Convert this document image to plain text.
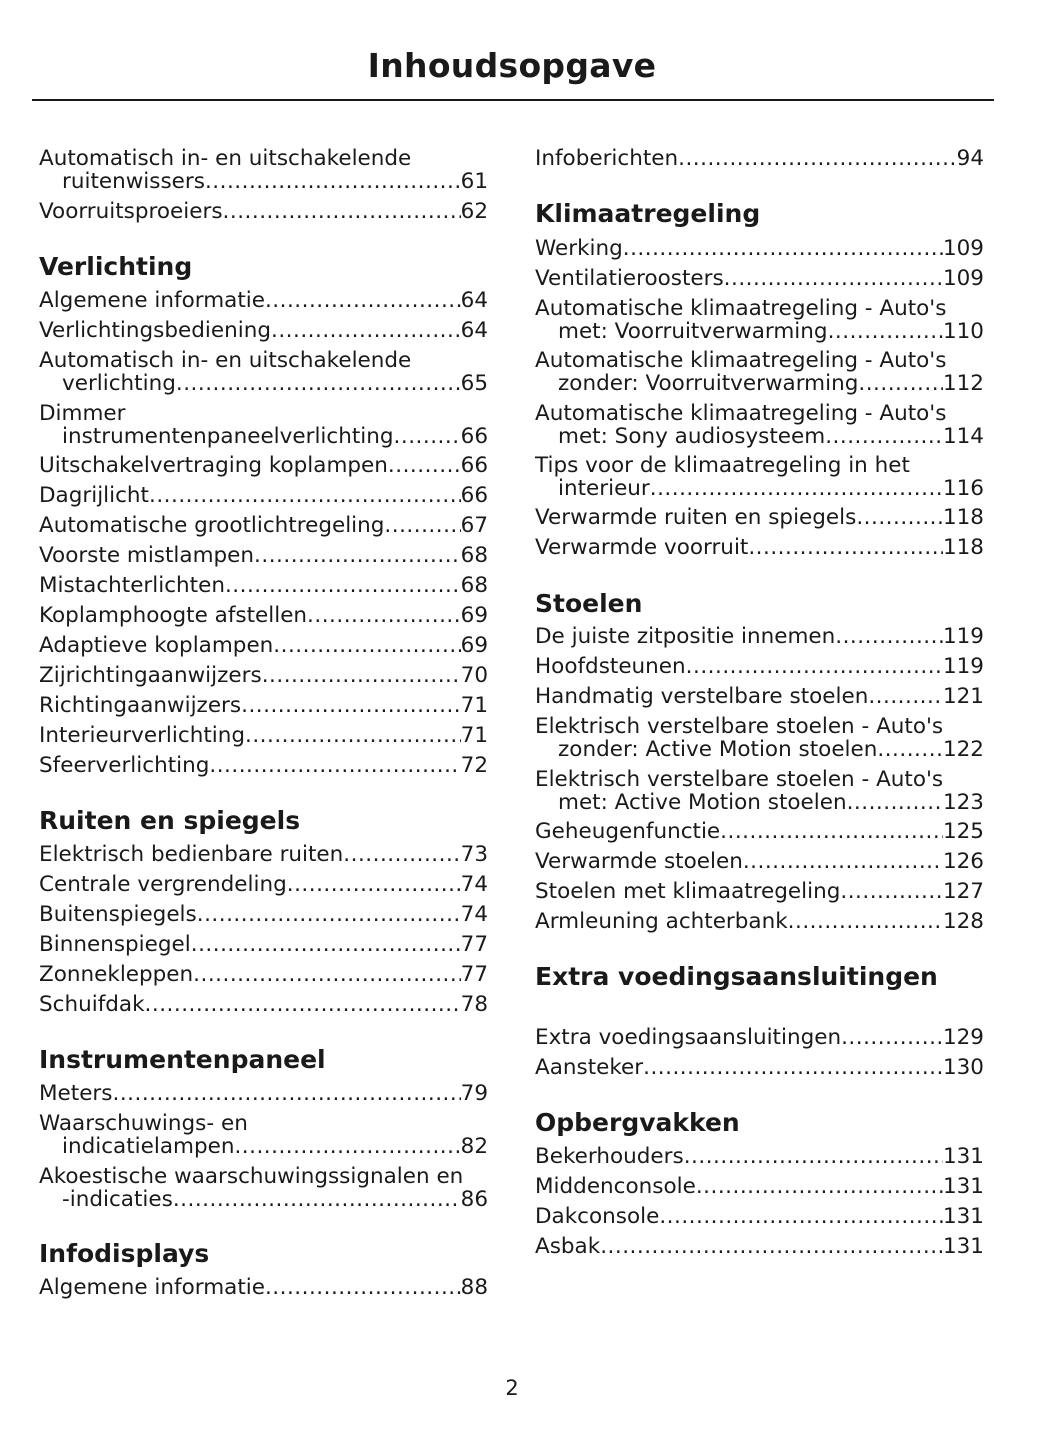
Inhoudsopgave
Automatisch in- en uitschakelende
ruitenwissers .....	61
Voorruitsproeiers .....	62
Verlichting
Algemene informatie .....	64
Verlichtingsbediening .....	64
Automatisch in- en uitschakelende
verlichting .....	65
Dimmer
instrumentenpaneelverlichting .....	66
Uitschakelvertraging koplampen .....	66
Dagrijlicht .....	66
Automatische grootlichtregeling .....	67
Voorste mistlampen .....	68
Mistachterlichten .....	68
Koplamphoogte afstellen .....	69
Adaptieve koplampen .....	69
Zijrichtingaanwijzers .....	70
Richtingaanwijzers .....	71
Interieurverlichting .....	71
Sfeerverlichting .....	72
Ruiten en spiegels
Elektrisch bedienbare ruiten .....	73
Centrale vergrendeling .....	74
Buitenspiegels .....	74
Binnenspiegel .....	77
Zonnekleppen .....	77
Schuifdak .....	78
Instrumentenpaneel
Meters .....	79
Waarschuwings- en
indicatielampen .....	82
Akoestische waarschuwingssignalen en
-indicaties .....	86
Infodisplays
Algemene informatie .....	88
Infoberichten .....	94
Klimaatregeling
Werking .....	109
Ventilatieroosters .....	109
Automatische klimaatregeling - Auto's
met: Voorruitverwarming .....	110
Automatische klimaatregeling - Auto's
zonder: Voorruitverwarming .....	112
Automatische klimaatregeling - Auto's
met: Sony audiosysteem .....	114
Tips voor de klimaatregeling in het
interieur .....	116
Verwarmde ruiten en spiegels .....	118
Verwarmde voorruit .....	118
Stoelen
De juiste zitpositie innemen .....	119
Hoofdsteunen .....	119
Handmatig verstelbare stoelen .....	121
Elektrisch verstelbare stoelen - Auto's
zonder: Active Motion stoelen .....	122
Elektrisch verstelbare stoelen - Auto's
met: Active Motion stoelen .....	123
Geheugenfunctie .....	125
Verwarmde stoelen .....	126
Stoelen met klimaatregeling .....	127
Armleuning achterbank .....	128
Extra voedingsaansluitingen
Extra voedingsaansluitingen .....	129
Aansteker .....	130
Opbergvakken
Bekerhouders .....	131
Middenconsole .....	131
Dakconsole .....	131
Asbak .....	131
2
